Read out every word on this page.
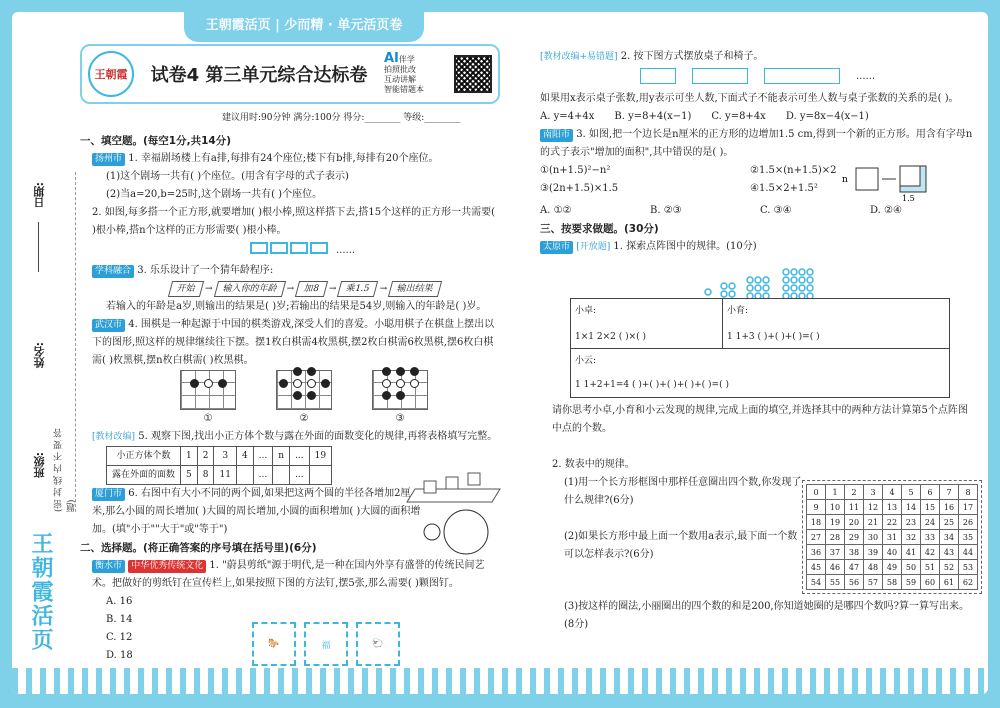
王朝霞活页 | 少而精 · 单元活页卷
日期:
(密 封 线 内 不 要 答 题)
姓名:
班级:
王朝霞活页
王朝霞	试卷4 第三单元综合达标卷
AI伴学
拍照批改
互动讲解
智能错题本
建议用时:90分钟 满分:100分 得分:________ 等级:________
一、填空题。(每空1分,共14分)
扬州市 1. 幸福剧场楼上有a排,每排有24个座位;楼下有b排,每排有20个座位。
(1)这个剧场一共有( )个座位。(用含有字母的式子表示)
(2)当a=20,b=25时,这个剧场一共有( )个座位。
2. 如图,每多搭一个正方形,就要增加( )根小棒,照这样搭下去,搭15个这样的正方形一共需要( )根小棒,搭n个这样的正方形需要( )根小棒。
......
学科融合 3. 乐乐设计了一个猜年龄程序:
开始 → 输入你的年龄 → 加8 → 乘1.5 → 输出结果
若输入的年龄是a岁,则输出的结果是( )岁;若输出的结果是54岁,则输入的年龄是( )岁。
武汉市 4. 围棋是一种起源于中国的棋类游戏,深受人们的喜爱。小聪用棋子在棋盘上摆出以下的图形,照这样的规律继续往下摆。摆1枚白棋需4枚黑棋,摆2枚白棋需6枚黑棋,摆6枚白棋需( )枚黑棋,摆n枚白棋需( )枚黑棋。
①	②	③
[教材改编] 5. 观察下图,找出小正方体个数与露在外面的面数变化的规律,再将表格填写完整。
小正方体个数	1	2	3	4	...	n	...	19
露在外面的面数	5	8	11		...		...	
厦门市 6. 右图中有大小不同的两个圆,如果把这两个圆的半径各增加2厘米,那么小圆的周长增加( )大圆的周长增加,小圆的面积增加( )大圆的面积增加。(填"小于""大于"或"等于")
二、选择题。(将正确答案的序号填在括号里)(6分)
衡水市 中华优秀传统文化 1. "蔚县剪纸"源于明代,是一种在国内外享有盛誉的传统民间艺术。把做好的剪纸钉在宣传栏上,如果按照下图的方法钉,摆5张,那么需要( )颗图钉。
A. 16
B. 14
C. 12
D. 18
🐎	福	🐑
[教材改编+易错题] 2. 按下图方式摆放桌子和椅子。
......
如果用x表示桌子张数,用y表示可坐人数,下面式子不能表示可坐人数与桌子张数的关系的是( )。
A. y=4+4x B. y=8+4(x−1) C. y=8+4x D. y=8x−4(x−1)
南阳市 3. 如图,把一个边长是n厘米的正方形的边增加1.5 cm,得到一个新的正方形。用含有字母n的式子表示"增加的面积",其中错误的是( )。
①(n+1.5)²−n²	②1.5×(n+1.5)×2
③(2n+1.5)×1.5	④1.5×2+1.5²
n
1.5
A. ①②	B. ②③	C. ③④	D. ②④
三、按要求做题。(30分)
太原市 [开放题] 1. 探索点阵图中的规律。(10分)
小卓:
1×1 2×2 ( )×( )
小育:
1 1+3 ( )+( )+( )=( )
小云:
1 1+2+1=4 ( )+( )+( )+( )+( )=( )
请你思考小卓,小育和小云发现的规律,完成上面的填空,并选择其中的两种方法计算第5个点阵图中点的个数。
2. 数表中的规律。
(1)用一个长方形框图中那样任意圈出四个数,你发现了什么规律?(6分)
(2)如果长方形中最上面一个数用a表示,最下面一个数可以怎样表示?(6分)
(3)按这样的圈法,小丽圈出的四个数的和是200,你知道她圈的是哪四个数吗?算一算写出来。(8分)
0	1	2	3	4	5	6	7	8
9	10	11	12	13	14	15	16	17
18	19	20	21	22	23	24	25	26
27	28	29	30	31	32	33	34	35
36	37	38	39	40	41	42	43	44
45	46	47	48	49	50	51	52	53
54	55	56	57	58	59	60	61	62
